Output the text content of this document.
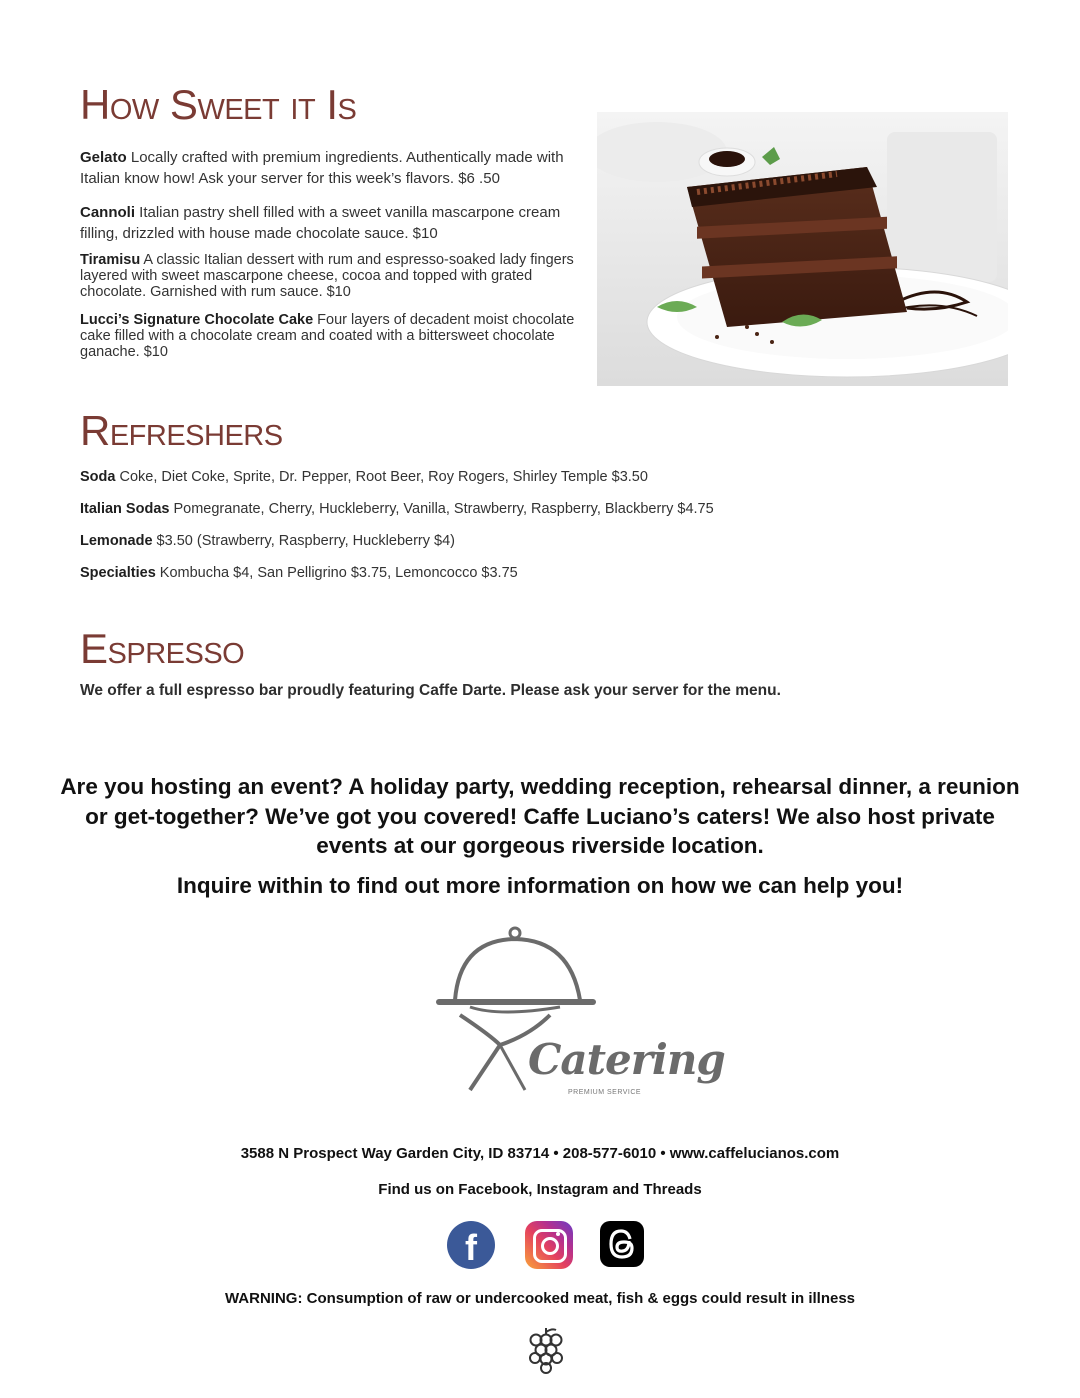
How Sweet it Is

Gelato Locally crafted with premium ingredients. Authentically made with Italian know how! Ask your server for this week’s flavors. $6 .50

Cannoli Italian pastry shell filled with a sweet vanilla mascarpone cream filling, drizzled with house made chocolate sauce. $10

Tiramisu A classic Italian dessert with rum and espresso-soaked lady fingers layered with sweet mascarpone cheese, cocoa and topped with grated chocolate. Garnished with rum sauce. $10

Lucci’s Signature Chocolate Cake Four layers of decadent moist chocolate cake filled with a chocolate cream and coated with a bittersweet chocolate ganache. $10

Refreshers

Soda Coke, Diet Coke, Sprite, Dr. Pepper, Root Beer, Roy Rogers, Shirley Temple $3.50

Italian Sodas Pomegranate, Cherry, Huckleberry, Vanilla, Strawberry, Raspberry, Blackberry $4.75

Lemonade $3.50 (Strawberry, Raspberry, Huckleberry $4)

Specialties Kombucha $4, San Pelligrino $3.75, Lemoncocco $3.75

Espresso

We offer a full espresso bar proudly featuring Caffe Darte. Please ask your server for the menu.

Are you hosting an event? A holiday party, wedding reception, rehearsal dinner, a reunion or get-together? We’ve got you covered! Caffe Luciano’s caters! We also host private events at our gorgeous riverside location.

Inquire within to find out more information on how we can help you!

Catering
PREMIUM SERVICE

3588 N Prospect Way Garden City, ID 83714 • 208-577-6010 • www.caffelucianos.com

Find us on Facebook, Instagram and Threads

f

WARNING: Consumption of raw or undercooked meat, fish & eggs could result in illness
